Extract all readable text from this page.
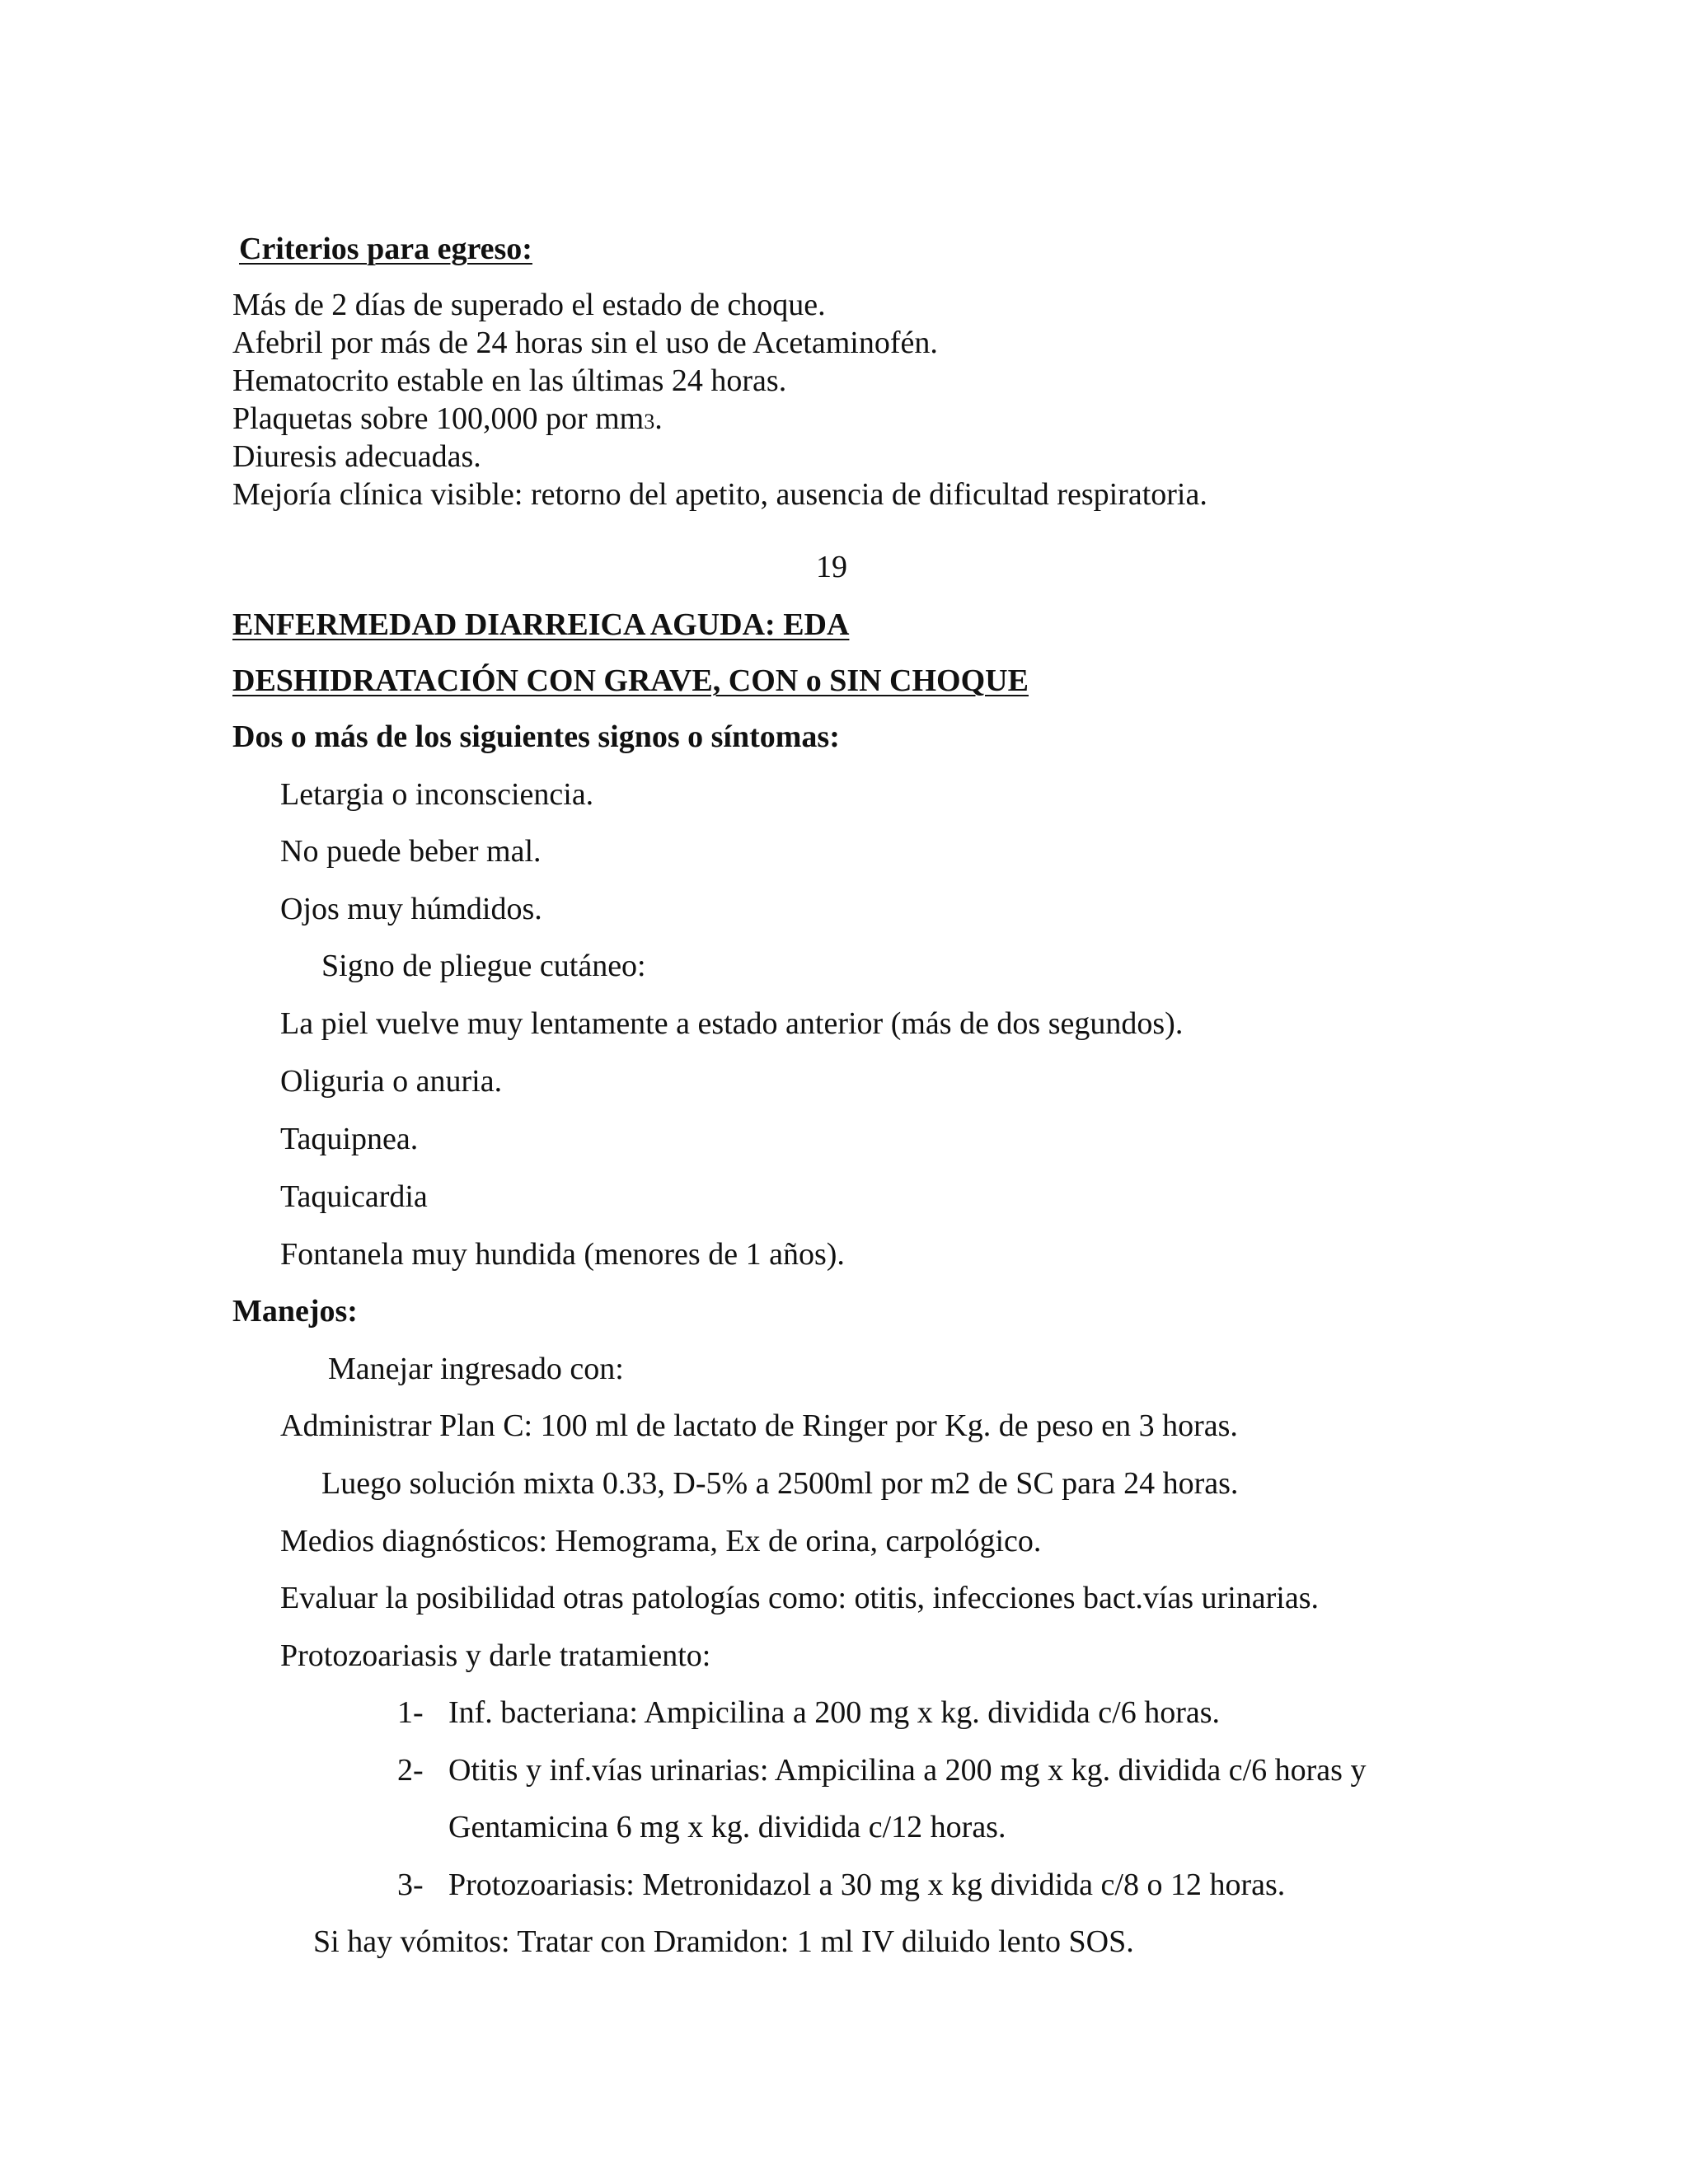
Criterios para egreso:
Más de 2 días de superado el estado de choque.
Afebril por más de 24 horas sin el uso de Acetaminofén.
Hematocrito estable en las últimas 24 horas.
Plaquetas sobre 100,000 por mm3.
Diuresis adecuadas.
Mejoría clínica visible: retorno del apetito, ausencia de dificultad respiratoria.
19
ENFERMEDAD DIARREICA AGUDA: EDA
DESHIDRATACIÓN CON GRAVE, CON o SIN CHOQUE
Dos o más de los siguientes signos o síntomas:
Letargia o inconsciencia.
No puede beber mal.
Ojos muy húmdidos.
Signo de pliegue cutáneo:
La piel vuelve muy lentamente a estado anterior (más de dos segundos).
Oliguria o anuria.
Taquipnea.
Taquicardia
Fontanela muy hundida (menores de 1 años).
Manejos:
Manejar ingresado con:
Administrar Plan C: 100 ml de lactato de Ringer por Kg. de peso en 3 horas.
Luego solución mixta 0.33, D-5% a 2500ml por m2 de SC para 24 horas.
Medios diagnósticos: Hemograma, Ex de orina, carpológico.
Evaluar la posibilidad otras patologías como: otitis, infecciones bact.vías urinarias.
Protozoariasis y darle tratamiento:
1- Inf. bacteriana: Ampicilina a 200 mg x kg. dividida c/6 horas.
2- Otitis y inf.vías urinarias: Ampicilina a 200 mg x kg. dividida c/6 horas y
Gentamicina 6 mg x kg. dividida c/12 horas.
3- Protozoariasis: Metronidazol a 30 mg x kg dividida c/8 o 12 horas.
Si hay vómitos: Tratar con Dramidon: 1 ml IV diluido lento SOS.
